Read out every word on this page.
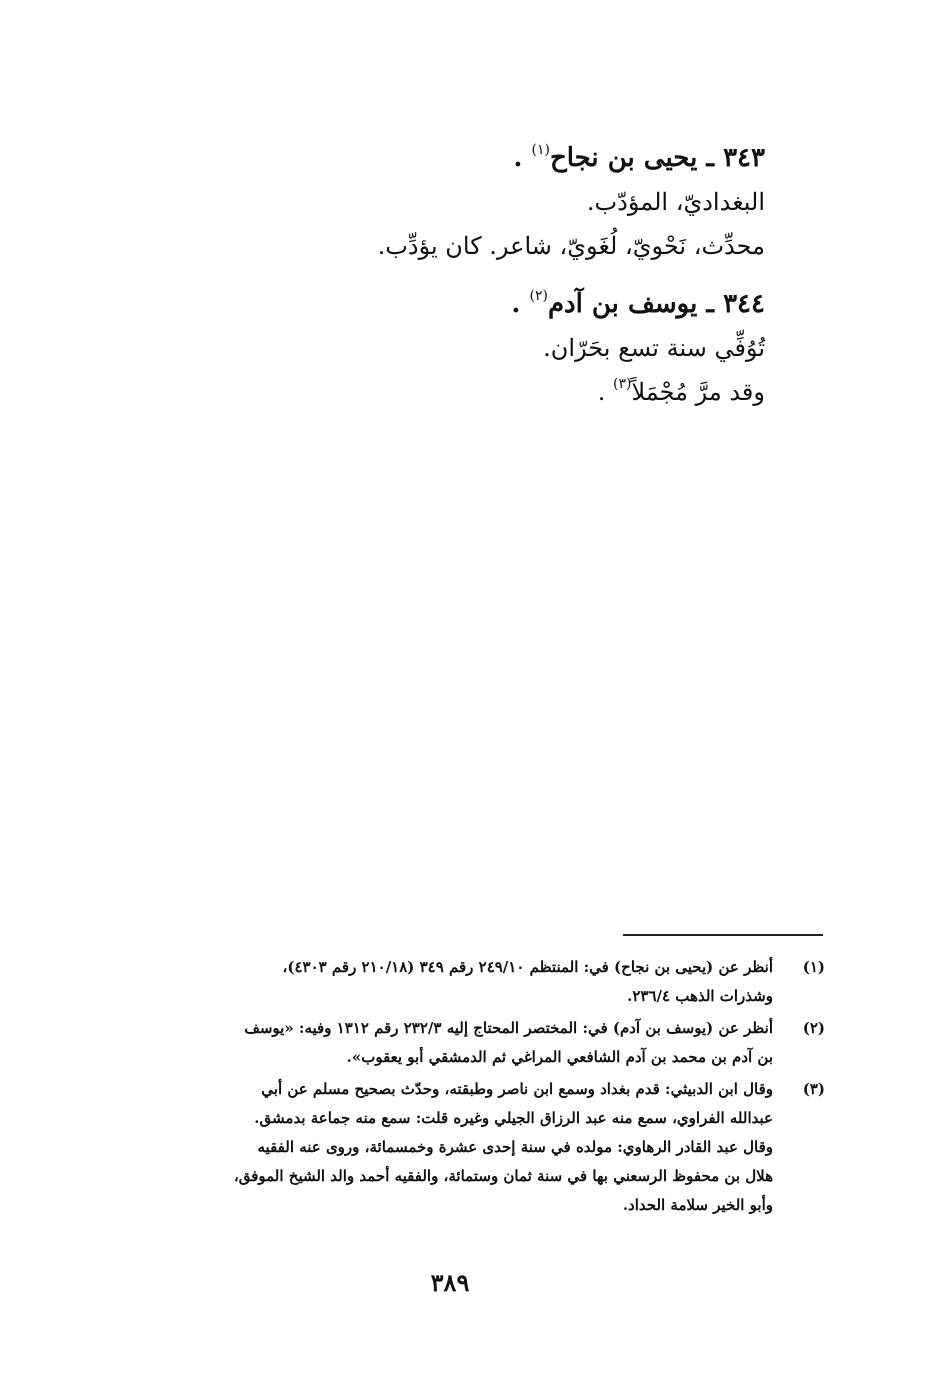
٣٤٣ ـ يحيى بن نجاح$^{(١)}$ .
البغداديّ، المؤدّب.
محدِّث، نَحْويّ، لُغَويّ، شاعر. كان يؤدِّب.
٣٤٤ ـ يوسف بن آدم$^{(٢)}$ .
تُوُفِّي سنة تسع بحَرّان.
وقد مرَّ مُجْمَلاً$^{(٣)}$ .
(١)
أنظر عن (يحيى بن نجاح) في: المنتظم ٢٤٩/١٠ رقم ٣٤٩ (٢١٠/١٨ رقم ٤٣٠٣)،
وشذرات الذهب ٢٣٦/٤.
(٢)
أنظر عن (يوسف بن آدم) في: المختصر المحتاج إليه ٢٣٢/٣ رقم ١٣١٢ وفيه: «يوسف
بن آدم بن محمد بن آدم الشافعي المراغي ثم الدمشقي أبو يعقوب».
(٣)
وقال ابن الدبيثي: قدم بغداد وسمع ابن ناصر وطبقته، وحدّث بصحيح مسلم عن أبي
عبدالله الفراوي، سمع منه عبد الرزاق الجيلي وغيره قلت: سمع منه جماعة بدمشق.
وقال عبد القادر الرهاوي: مولده في سنة إحدى عشرة وخمسمائة، وروى عنه الفقيه
هلال بن محفوظ الرسعني بها في سنة ثمان وستمائة، والفقيه أحمد والد الشيخ الموفق،
وأبو الخير سلامة الحداد.
٣٨٩
